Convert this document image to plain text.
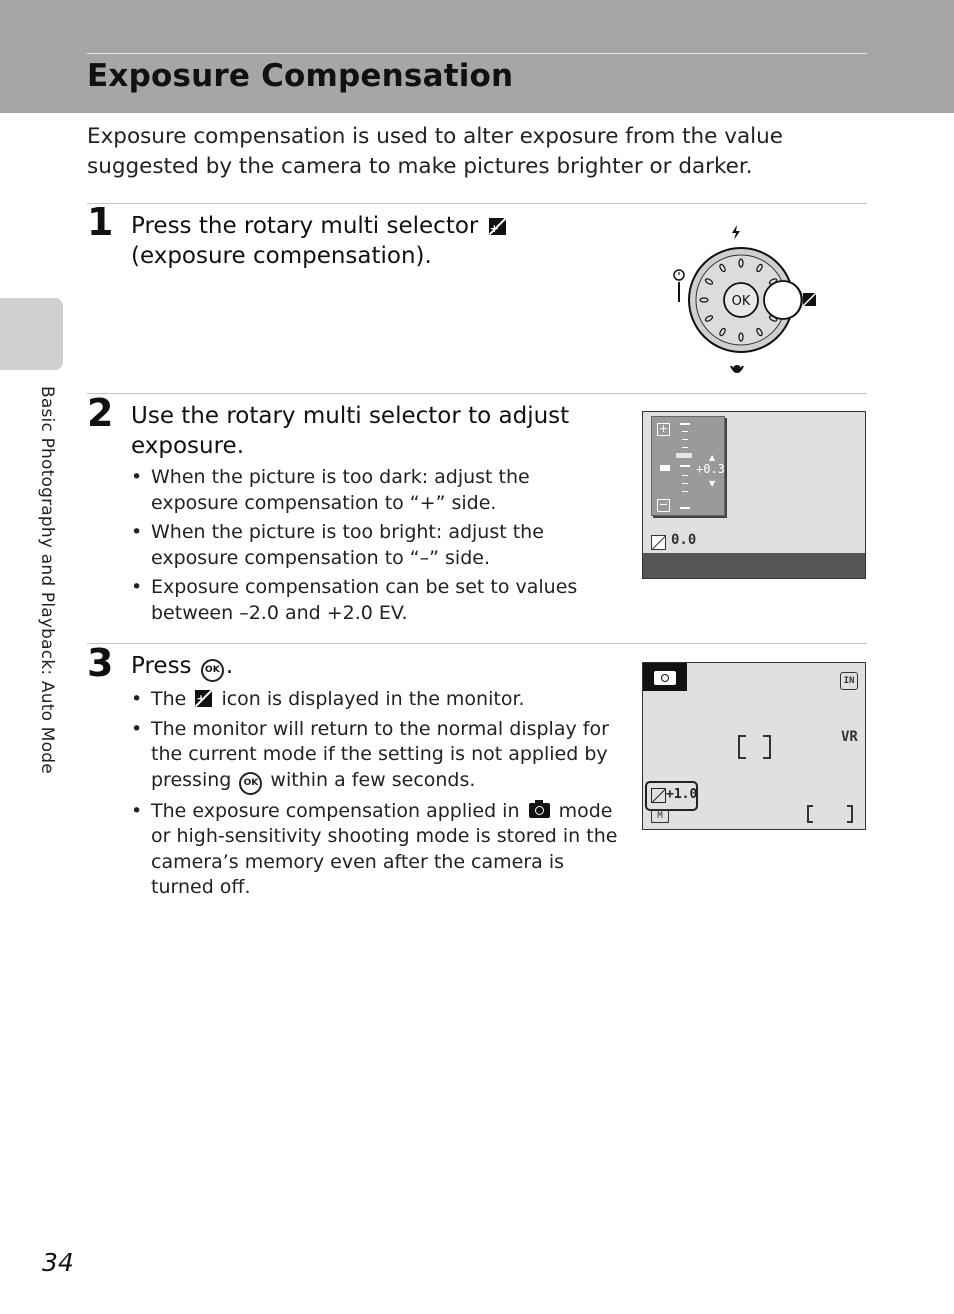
Exposure Compensation
Exposure compensation is used to alter exposure from the value suggested by the camera to make pictures brighter or darker.
Basic Photography and Playback: Auto Mode
1 Press the rotary multi selector +
(exposure compensation).
OK
2 Use the rotary multi selector to adjust exposure.
• When the picture is too dark: adjust the exposure compensation to “+” side.
• When the picture is too bright: adjust the exposure compensation to “–” side.
• Exposure compensation can be set to values between –2.0 and +2.0 EV.
+
−
+0.3
▲
▼
0.0
3 Press OK .
• The + icon is displayed in the monitor.
• The monitor will return to the normal display for the current mode if the setting is not applied by pressing OK within a few seconds.
• The exposure compensation applied in mode or high-sensitivity shooting mode is stored in the camera’s memory even after the camera is turned off.
IN
VR
+1.0
M
34
